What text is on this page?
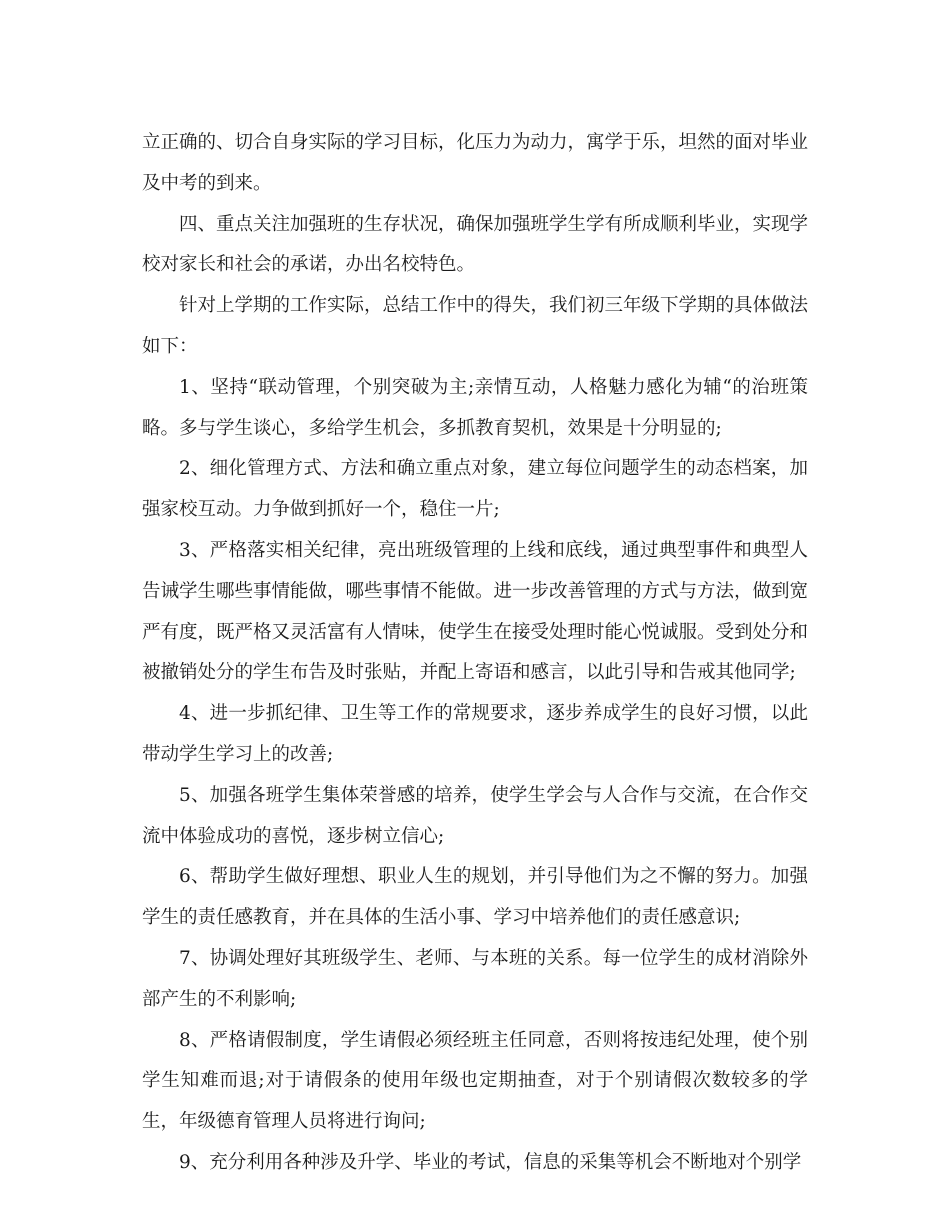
立正确的、切合自身实际的学习目标，化压力为动力，寓学于乐，坦然的面对毕业及中考的到来。

四、重点关注加强班的生存状况，确保加强班学生学有所成顺利毕业，实现学校对家长和社会的承诺，办出名校特色。

针对上学期的工作实际，总结工作中的得失，我们初三年级下学期的具体做法如下：

1、坚持“联动管理，个别突破为主;亲情互动，人格魅力感化为辅“的治班策略。多与学生谈心，多给学生机会，多抓教育契机，效果是十分明显的;

2、细化管理方式、方法和确立重点对象，建立每位问题学生的动态档案，加强家校互动。力争做到抓好一个，稳住一片;

3、严格落实相关纪律，亮出班级管理的上线和底线，通过典型事件和典型人告诫学生哪些事情能做，哪些事情不能做。进一步改善管理的方式与方法，做到宽严有度，既严格又灵活富有人情味，使学生在接受处理时能心悦诚服。受到处分和被撤销处分的学生布告及时张贴，并配上寄语和感言，以此引导和告戒其他同学;

4、进一步抓纪律、卫生等工作的常规要求，逐步养成学生的良好习惯，以此带动学生学习上的改善;

5、加强各班学生集体荣誉感的培养，使学生学会与人合作与交流，在合作交流中体验成功的喜悦，逐步树立信心;

6、帮助学生做好理想、职业人生的规划，并引导他们为之不懈的努力。加强学生的责任感教育，并在具体的生活小事、学习中培养他们的责任感意识;

7、协调处理好其班级学生、老师、与本班的关系。每一位学生的成材消除外部产生的不利影响;

8、严格请假制度，学生请假必须经班主任同意，否则将按违纪处理，使个别学生知难而退;对于请假条的使用年级也定期抽查，对于个别请假次数较多的学生，年级德育管理人员将进行询问;

9、充分利用各种涉及升学、毕业的考试，信息的采集等机会不断地对个别学
